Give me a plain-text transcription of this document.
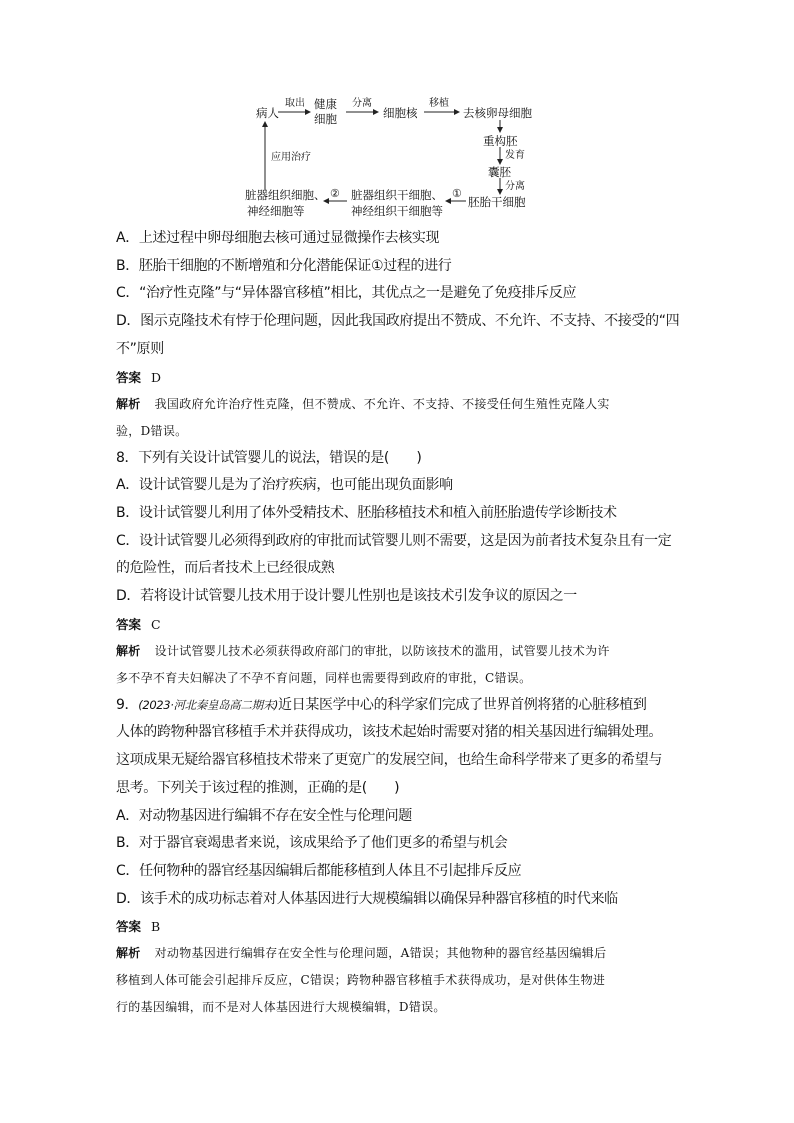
病人
健康
细胞	细胞核	去核卵母细胞
重构胚
囊胚
胚胎干细胞
脏器组织干细胞、
神经组织干细胞等
脏器组织细胞、
神经细胞等
取出	分离	移植
发育
分离
①
②
应用治疗
A．上述过程中卵母细胞去核可通过显微操作去核实现
B．胚胎干细胞的不断增殖和分化潜能保证①过程的进行
C．“治疗性克隆”与“异体器官移植”相比，其优点之一是避免了免疫排斥反应
D．图示克隆技术有悖于伦理问题，因此我国政府提出不赞成、不允许、不支持、不接受的“四
不”原则
答案 D
解析 我国政府允许治疗性克隆，但不赞成、不允许、不支持、不接受任何生殖性克隆人实
验，D错误。
8．下列有关设计试管婴儿的说法，错误的是(　　)
A．设计试管婴儿是为了治疗疾病，也可能出现负面影响
B．设计试管婴儿利用了体外受精技术、胚胎移植技术和植入前胚胎遗传学诊断技术
C．设计试管婴儿必须得到政府的审批而试管婴儿则不需要，这是因为前者技术复杂且有一定
的危险性，而后者技术上已经很成熟
D．若将设计试管婴儿技术用于设计婴儿性别也是该技术引发争议的原因之一
答案 C
解析 设计试管婴儿技术必须获得政府部门的审批，以防该技术的滥用，试管婴儿技术为许
多不孕不育夫妇解决了不孕不育问题，同样也需要得到政府的审批，C错误。
9．(2023·河北秦皇岛高二期末)近日某医学中心的科学家们完成了世界首例将猪的心脏移植到
人体的跨物种器官移植手术并获得成功，该技术起始时需要对猪的相关基因进行编辑处理。
这项成果无疑给器官移植技术带来了更宽广的发展空间，也给生命科学带来了更多的希望与
思考。下列关于该过程的推测，正确的是(　　)
A．对动物基因进行编辑不存在安全性与伦理问题
B．对于器官衰竭患者来说，该成果给予了他们更多的希望与机会
C．任何物种的器官经基因编辑后都能移植到人体且不引起排斥反应
D．该手术的成功标志着对人体基因进行大规模编辑以确保异种器官移植的时代来临
答案 B
解析 对动物基因进行编辑存在安全性与伦理问题，A错误；其他物种的器官经基因编辑后
移植到人体可能会引起排斥反应，C错误；跨物种器官移植手术获得成功，是对供体生物进
行的基因编辑，而不是对人体基因进行大规模编辑，D错误。
